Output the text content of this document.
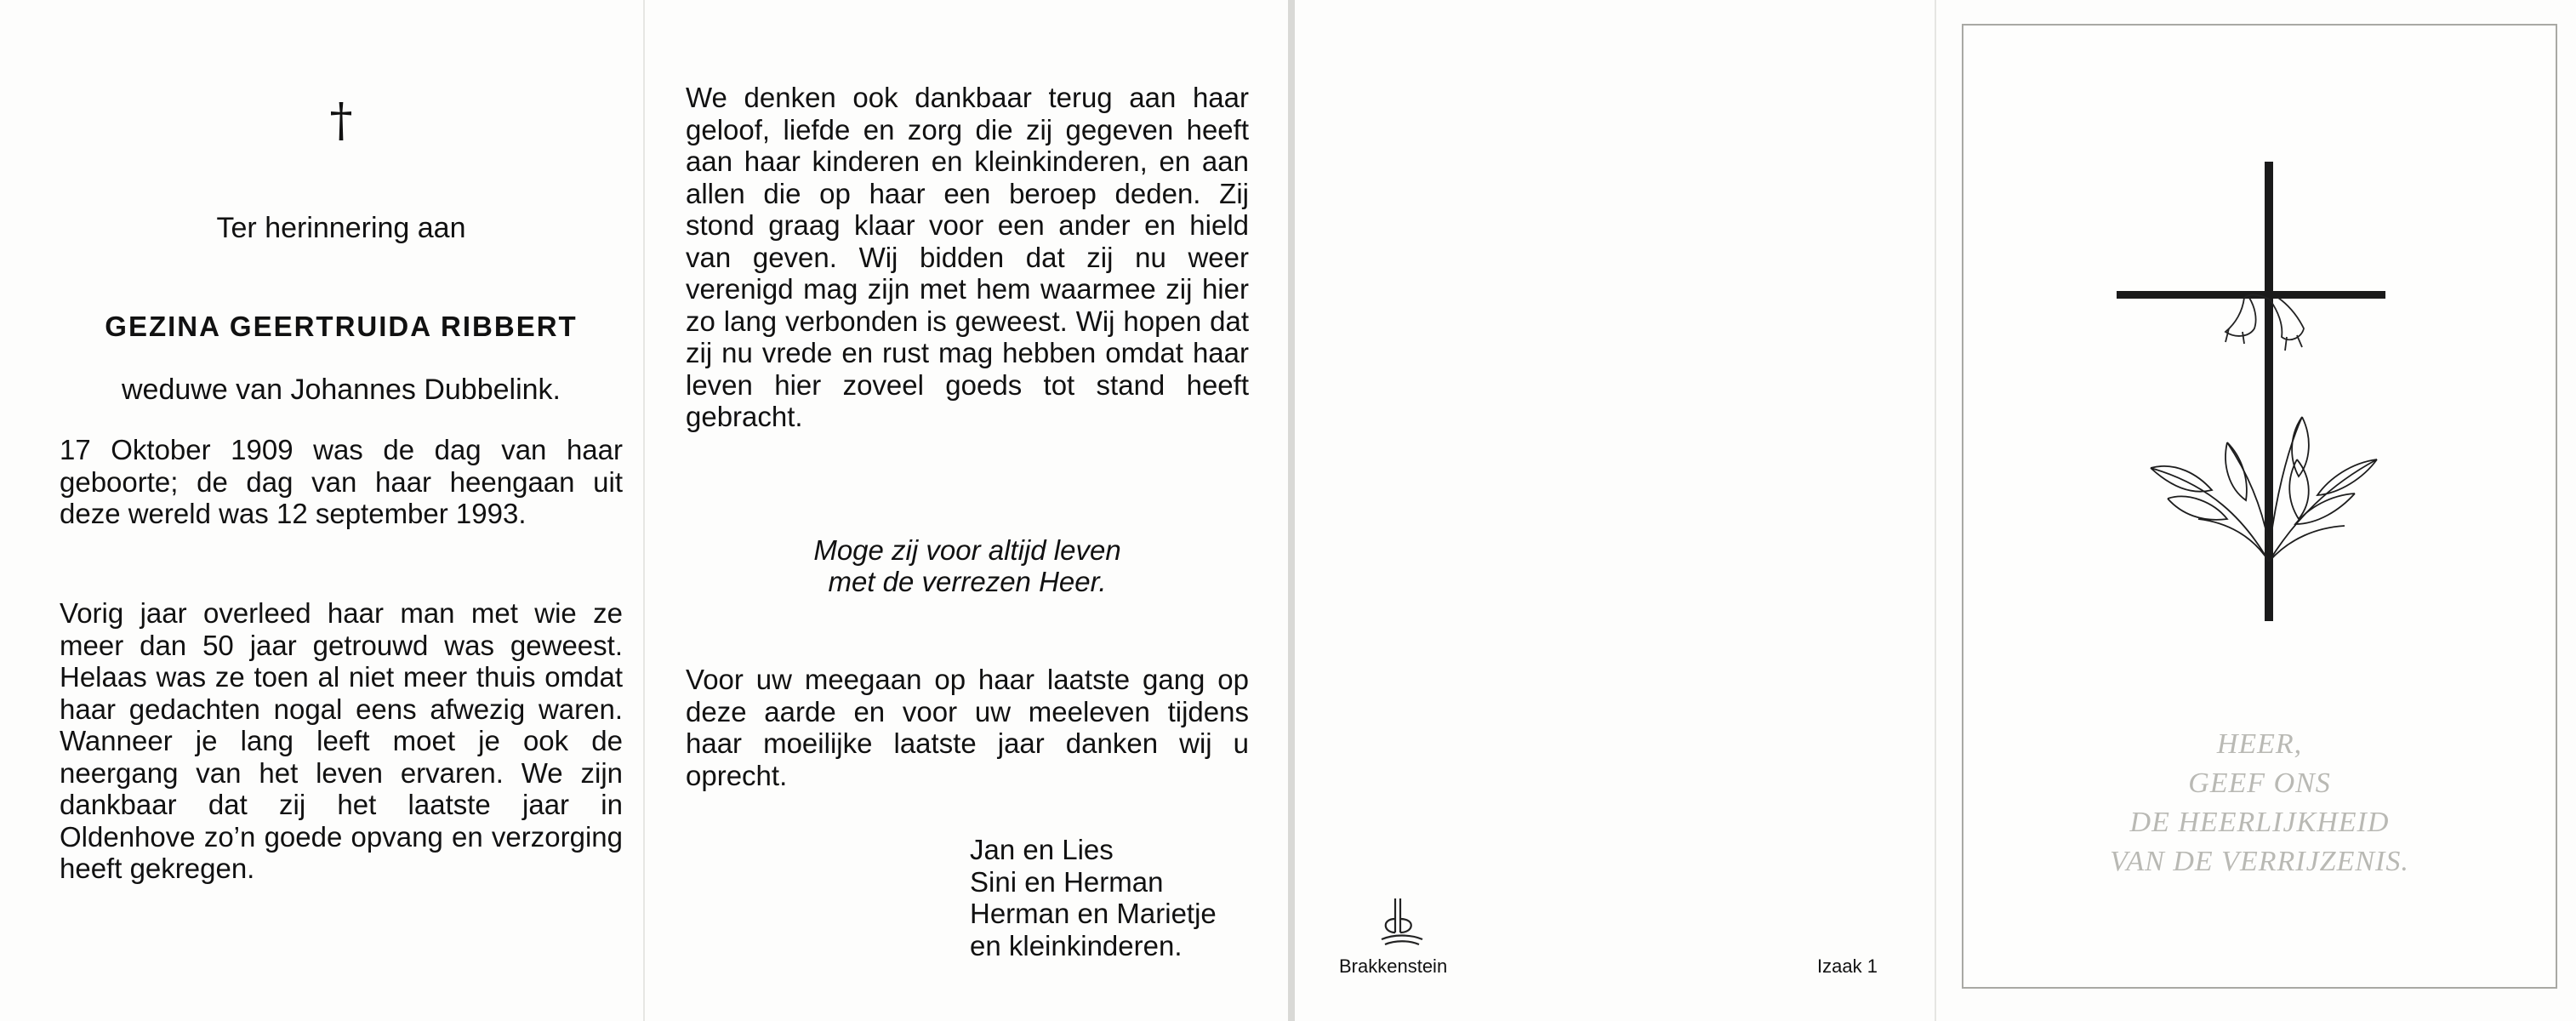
†
Ter herinnering aan
GEZINA GEERTRUIDA RIBBERT
weduwe van Johannes Dubbelink.

17 Oktober 1909 was de dag van haar geboorte; de dag van haar heengaan uit deze wereld was 12 september 1993.

Vorig jaar overleed haar man met wie ze meer dan 50 jaar getrouwd was geweest. Helaas was ze toen al niet meer thuis omdat haar gedachten nogal eens afwezig waren. Wanneer je lang leeft moet je ook de neergang van het leven ervaren. We zijn dankbaar dat zij het laatste jaar in Oldenhove zo’n goede opvang en verzorging heeft gekregen.

We denken ook dankbaar terug aan haar geloof, liefde en zorg die zij gegeven heeft aan haar kinderen en kleinkinderen, en aan allen die op haar een beroep deden. Zij stond graag klaar voor een ander en hield van geven. Wij bidden dat zij nu weer verenigd mag zijn met hem waarmee zij hier zo lang verbonden is geweest. Wij hopen dat zij nu vrede en rust mag hebben omdat haar leven hier zoveel goeds tot stand heeft gebracht.

Moge zij voor altijd leven
met de verrezen Heer.

Voor uw meegaan op haar laatste gang op deze aarde en voor uw meeleven tijdens haar moeilijke laatste jaar danken wij u oprecht.

Jan en Lies
Sini en Herman
Herman en Marietje
en kleinkinderen.
Brakkenstein	Izaak 1
HEER,
GEEF ONS
DE HEERLIJKHEID
VAN DE VERRIJZENIS.
